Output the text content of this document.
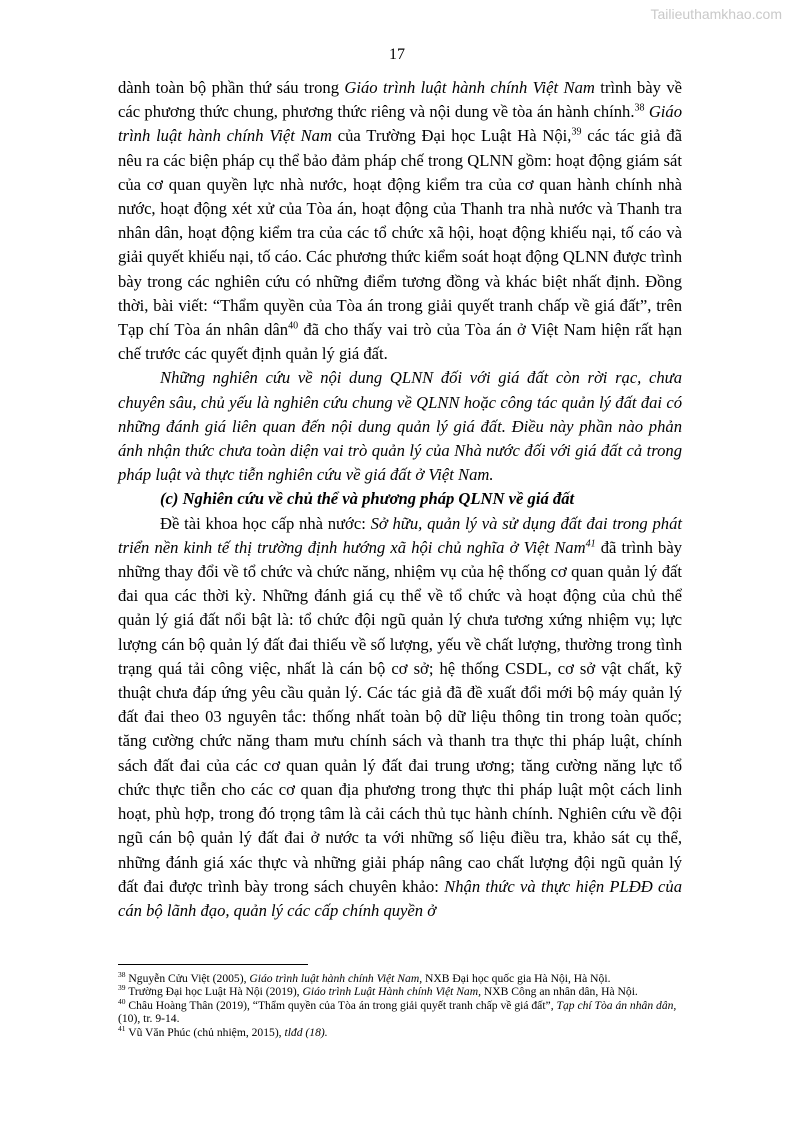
Tailieuthamkhao.com
17

dành toàn bộ phần thứ sáu trong Giáo trình luật hành chính Việt Nam trình bày về các phương thức chung, phương thức riêng và nội dung về tòa án hành chính.$^{38}$ Giáo trình luật hành chính Việt Nam của Trường Đại học Luật Hà Nội,$^{39}$ các tác giả đã nêu ra các biện pháp cụ thể bảo đảm pháp chế trong QLNN gồm: hoạt động giám sát của cơ quan quyền lực nhà nước, hoạt động kiểm tra của cơ quan hành chính nhà nước, hoạt động xét xử của Tòa án, hoạt động của Thanh tra nhà nước và Thanh tra nhân dân, hoạt động kiểm tra của các tổ chức xã hội, hoạt động khiếu nại, tố cáo và giải quyết khiếu nại, tố cáo. Các phương thức kiểm soát hoạt động QLNN được trình bày trong các nghiên cứu có những điểm tương đồng và khác biệt nhất định. Đồng thời, bài viết: “Thẩm quyền của Tòa án trong giải quyết tranh chấp về giá đất”, trên Tạp chí Tòa án nhân dân$^{40}$ đã cho thấy vai trò của Tòa án ở Việt Nam hiện rất hạn chế trước các quyết định quản lý giá đất.

Những nghiên cứu về nội dung QLNN đối với giá đất còn rời rạc, chưa chuyên sâu, chủ yếu là nghiên cứu chung về QLNN hoặc công tác quản lý đất đai có những đánh giá liên quan đến nội dung quản lý giá đất. Điều này phần nào phản ánh nhận thức chưa toàn diện vai trò quản lý của Nhà nước đối với giá đất cả trong pháp luật và thực tiễn nghiên cứu về giá đất ở Việt Nam.

(c) Nghiên cứu về chủ thể và phương pháp QLNN về giá đất

Đề tài khoa học cấp nhà nước: Sở hữu, quản lý và sử dụng đất đai trong phát triển nền kinh tế thị trường định hướng xã hội chủ nghĩa ở Việt Nam$^{41}$ đã trình bày những thay đổi về tổ chức và chức năng, nhiệm vụ của hệ thống cơ quan quản lý đất đai qua các thời kỳ. Những đánh giá cụ thể về tổ chức và hoạt động của chủ thể quản lý giá đất nổi bật là: tổ chức đội ngũ quản lý chưa tương xứng nhiệm vụ; lực lượng cán bộ quản lý đất đai thiếu về số lượng, yếu về chất lượng, thường trong tình trạng quá tải công việc, nhất là cán bộ cơ sở; hệ thống CSDL, cơ sở vật chất, kỹ thuật chưa đáp ứng yêu cầu quản lý. Các tác giả đã đề xuất đổi mới bộ máy quản lý đất đai theo 03 nguyên tắc: thống nhất toàn bộ dữ liệu thông tin trong toàn quốc; tăng cường chức năng tham mưu chính sách và thanh tra thực thi pháp luật, chính sách đất đai của các cơ quan quản lý đất đai trung ương; tăng cường năng lực tổ chức thực tiễn cho các cơ quan địa phương trong thực thi pháp luật một cách linh hoạt, phù hợp, trong đó trọng tâm là cải cách thủ tục hành chính. Nghiên cứu về đội ngũ cán bộ quản lý đất đai ở nước ta với những số liệu điều tra, khảo sát cụ thể, những đánh giá xác thực và những giải pháp nâng cao chất lượng đội ngũ quản lý đất đai được trình bày trong sách chuyên khảo: Nhận thức và thực hiện PLĐĐ của cán bộ lãnh đạo, quản lý các cấp chính quyền ở

$^{38}$ Nguyễn Cửu Việt (2005), Giáo trình luật hành chính Việt Nam, NXB Đại học quốc gia Hà Nội, Hà Nội.

$^{39}$ Trường Đại học Luật Hà Nội (2019), Giáo trình Luật Hành chính Việt Nam, NXB Công an nhân dân, Hà Nội.

$^{40}$ Châu Hoàng Thân (2019), “Thẩm quyền của Tòa án trong giải quyết tranh chấp về giá đất”, Tạp chí Tòa án nhân dân, (10), tr. 9-14.

$^{41}$ Vũ Văn Phúc (chủ nhiệm, 2015), tlđd (18).
